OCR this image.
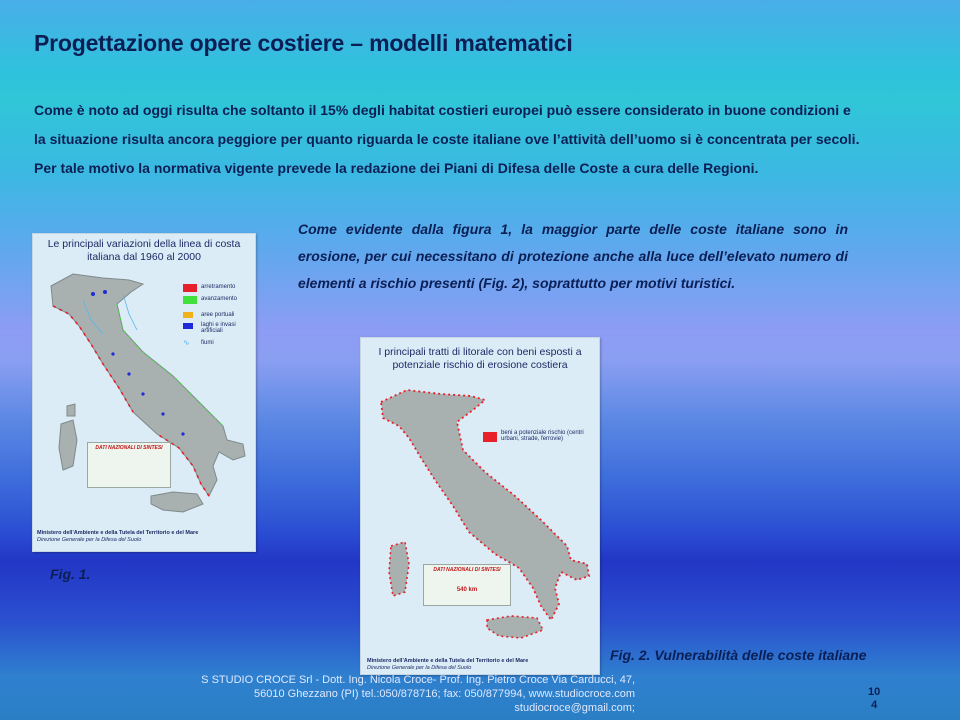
Progettazione opere costiere – modelli matematici
Come è noto ad oggi risulta che soltanto il 15% degli habitat costieri europei può essere considerato in buone condizioni e
la situazione risulta ancora peggiore per quanto riguarda le coste italiane ove l’attività dell’uomo si è concentrata per secoli.
Per tale motivo la normativa vigente prevede la redazione dei Piani di Difesa delle Coste a cura delle Regioni.

Come evidente dalla figura 1, la maggior parte delle coste italiane sono in erosione, per cui necessitano di protezione anche alla luce dell’elevato numero di elementi a rischio presenti (Fig. 2), soprattutto per motivi turistici.

Le principali variazioni della linea di costa italiana dal 1960 al 2000
arretramento
avanzamento
aree portuali
laghi e invasi artificiali
∿ fiumi
DATI NAZIONALI DI SINTESI
Ministero dell'Ambiente e della Tutela del Territorio e del Mare
Direzione Generale per la Difesa del Suolo

Fig. 1.

I principali tratti di litorale con beni esposti a potenziale rischio di erosione costiera
beni a potenziale rischio (centri urbani, strade, ferrovie)
DATI NAZIONALI DI SINTESI
540 km
Ministero dell'Ambiente e della Tutela del Territorio e del Mare
Direzione Generale per la Difesa del Suolo

Fig. 2. Vulnerabilità delle coste italiane

S STUDIO CROCE Srl - Dott. Ing. Nicola Croce- Prof. Ing. Pietro Croce Via Carducci, 47,
56010 Ghezzano (PI) tel.:050/878716; fax: 050/877994, www.studiocroce.com
studiocroce@gmail.com;
10
4
